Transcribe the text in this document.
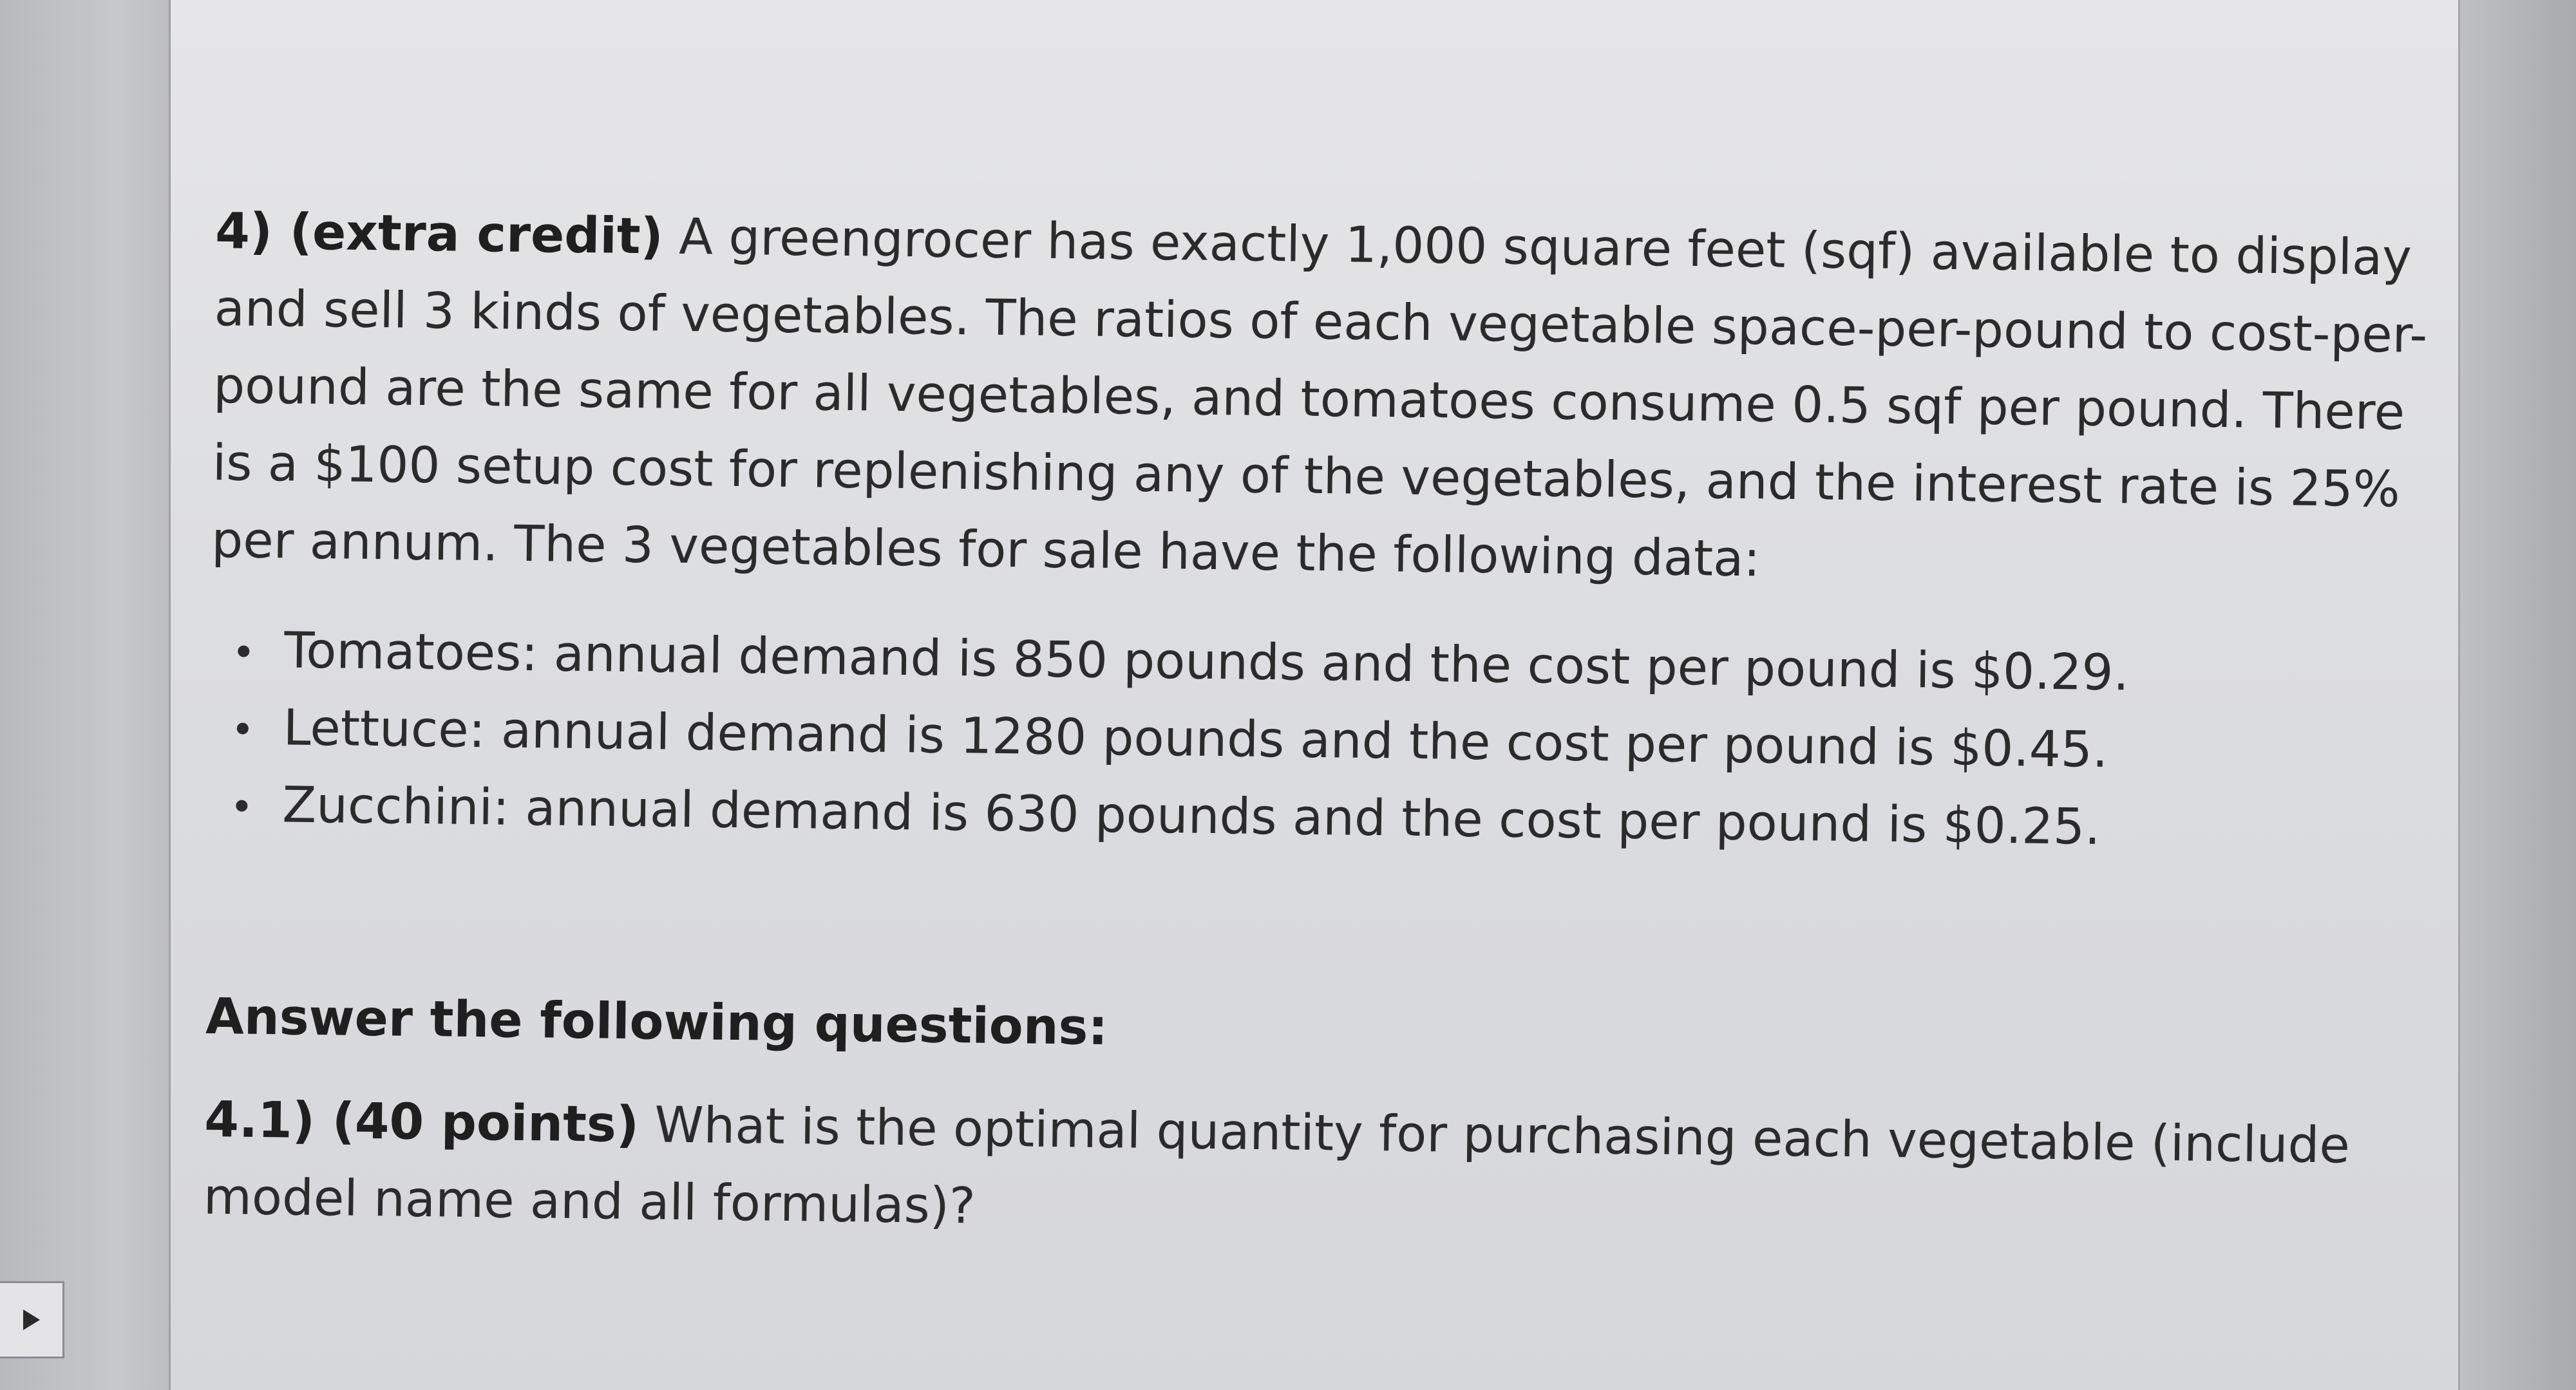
4) (extra credit) A greengrocer has exactly 1,000 square feet (sqf) available to display and sell 3 kinds of vegetables. The ratios of each vegetable space-per-pound to cost-per-pound are the same for all vegetables, and tomatoes consume 0.5 sqf per pound. There is a $100 setup cost for replenishing any of the vegetables, and the interest rate is 25% per annum. The 3 vegetables for sale have the following data:

Tomatoes: annual demand is 850 pounds and the cost per pound is $0.29.
Lettuce: annual demand is 1280 pounds and the cost per pound is $0.45.
Zucchini: annual demand is 630 pounds and the cost per pound is $0.25.
Answer the following questions:

4.1) (40 points) What is the optimal quantity for purchasing each vegetable (include model name and all formulas)?
